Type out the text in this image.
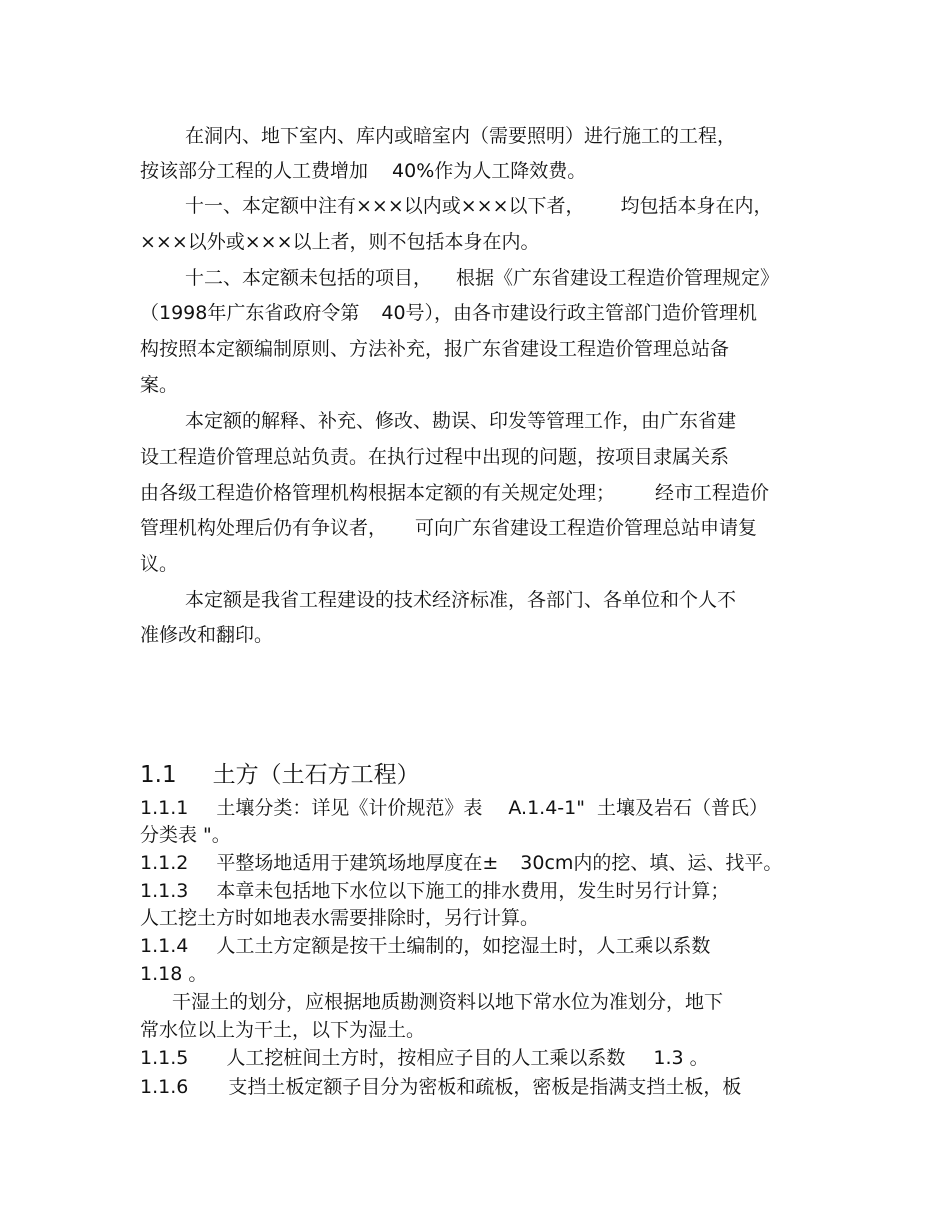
在洞内、地下室内、库内或暗室内（需要照明）进行施工的工程，
按该部分工程的人工费增加 40%作为人工降效费。
十一、本定额中注有×××以内或×××以下者， 均包括本身在内，
×××以外或×××以上者，则不包括本身在内。
十二、本定额未包括的项目， 根据《广东省建设工程造价管理规定》
（1998年广东省政府令第 40号），由各市建设行政主管部门造价管理机
构按照本定额编制原则、方法补充，报广东省建设工程造价管理总站备
案。
本定额的解释、补充、修改、勘误、印发等管理工作，由广东省建
设工程造价管理总站负责。在执行过程中出现的问题，按项目隶属关系
由各级工程造价格管理机构根据本定额的有关规定处理； 经市工程造价
管理机构处理后仍有争议者， 可向广东省建设工程造价管理总站申请复
议。
本定额是我省工程建设的技术经济标准，各部门、各单位和个人不
准修改和翻印。
1.1 土方（土石方工程）
1.1.1 土壤分类：详见《计价规范》表 A.1.4-1" 土壤及岩石（普氏）
分类表 "。
1.1.2 平整场地适用于建筑场地厚度在± 30cm内的挖、填、运、找平。
1.1.3 本章未包括地下水位以下施工的排水费用，发生时另行计算；
人工挖土方时如地表水需要排除时，另行计算。
1.1.4 人工土方定额是按干土编制的，如挖湿土时，人工乘以系数
1.18 。
干湿土的划分，应根据地质勘测资料以地下常水位为准划分，地下
常水位以上为干土，以下为湿土。
1.1.5 人工挖桩间土方时，按相应子目的人工乘以系数 1.3 。
1.1.6 支挡土板定额子目分为密板和疏板，密板是指满支挡土板，板
